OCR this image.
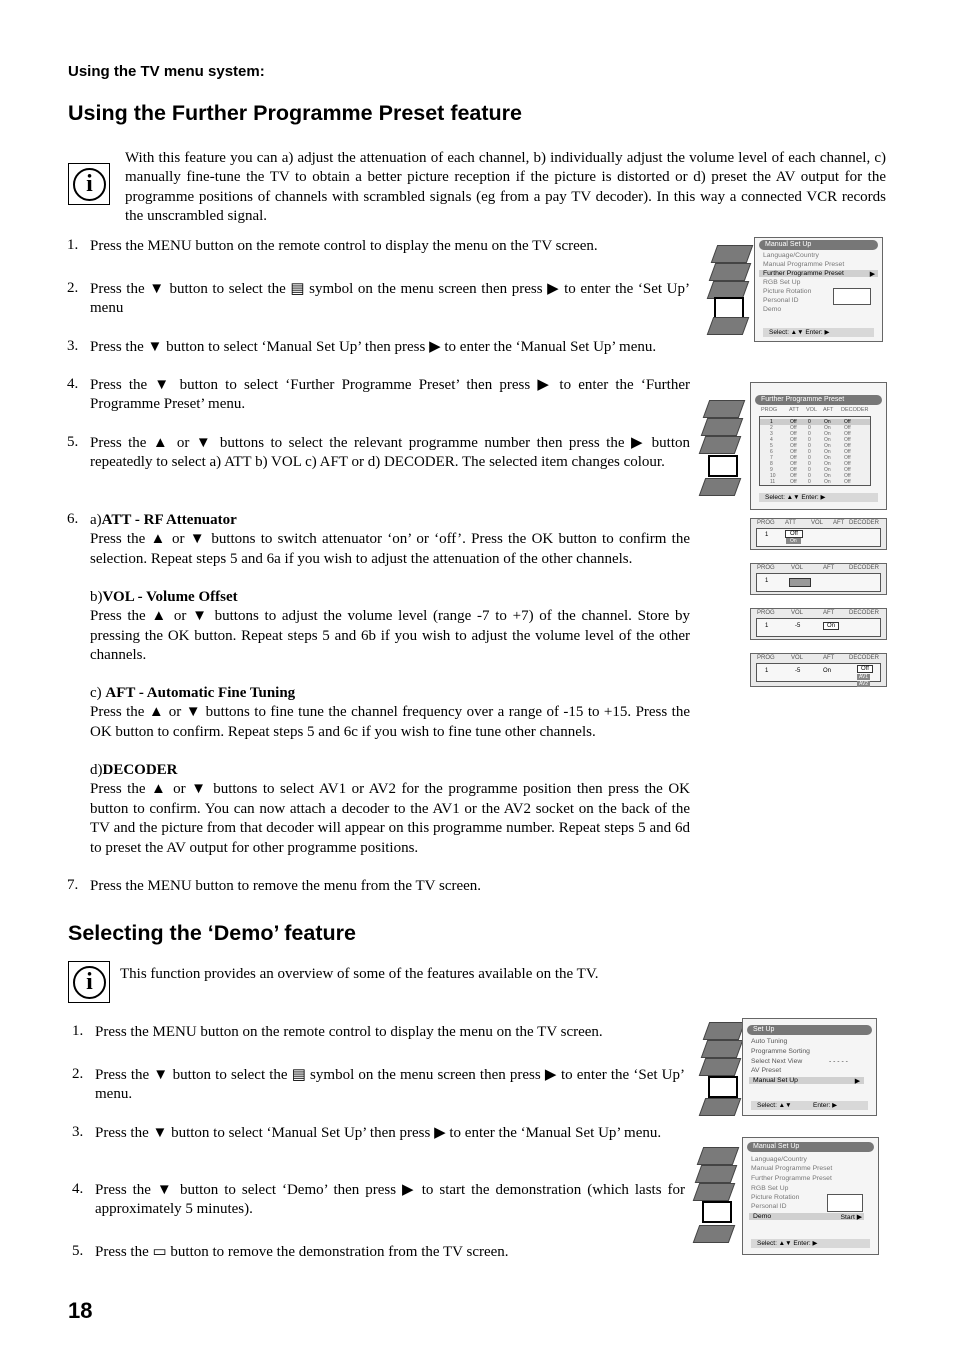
Using the TV menu system:
Using the Further Programme Preset feature
i
With this feature you can a) adjust the attenuation of each channel, b) individually adjust the volume level of each channel, c) manually fine-tune the TV to obtain a better picture reception if the picture is distorted or d) preset the AV output for the programme positions of channels with scrambled signals (eg from a pay TV decoder). In this way a connected VCR records the unscrambled signal.
1. Press the MENU button on the remote control to display the menu on the TV screen.
2. Press the ▼ button to select the ▤ symbol on the menu screen then press ▶ to enter the ‘Set Up’ menu
3. Press the ▼ button to select ‘Manual Set Up’ then press ▶ to enter the ‘Manual Set Up’ menu.
4. Press the ▼ button to select ‘Further Programme Preset’ then press ▶ to enter the ‘Further Programme Preset’ menu.
5. Press the ▲ or ▼ buttons to select the relevant programme number then press the ▶ button repeatedly to select a) ATT b) VOL c) AFT or d) DECODER. The selected item changes colour.
6. a)ATT - RF Attenuator
Press the ▲ or ▼ buttons to switch attenuator ‘on’ or ‘off’. Press the OK button to confirm the selection. Repeat steps 5 and 6a if you wish to adjust the attenuation of the other channels.
b)VOL - Volume Offset
Press the ▲ or ▼ buttons to adjust the volume level (range -7 to +7) of the channel. Store by pressing the OK button. Repeat steps 5 and 6b if you wish to adjust the volume level of the other channels.
c) AFT - Automatic Fine Tuning
Press the ▲ or ▼ buttons to fine tune the channel frequency over a range of -15 to +15. Press the OK button to confirm. Repeat steps 5 and 6c if you wish to fine tune other channels.
d)DECODER
Press the ▲ or ▼ buttons to select AV1 or AV2 for the programme position then press the OK button to confirm. You can now attach a decoder to the AV1 or the AV2 socket on the back of the TV and the picture from that decoder will appear on this programme number. Repeat steps 5 and 6d to preset the AV output for other programme positions.
7. Press the MENU button to remove the menu from the TV screen.
Selecting the ‘Demo’ feature
i	This function provides an overview of some of the features available on the TV.
1. Press the MENU button on the remote control to display the menu on the TV screen.
2. Press the ▼ button to select the ▤ symbol on the menu screen then press ▶ to enter the ‘Set Up’ menu.
3. Press the ▼ button to select ‘Manual Set Up’ then press ▶ to enter the ‘Manual Set Up’ menu.
4. Press the ▼ button to select ‘Demo’ then press ▶ to start the demonstration (which lasts for approximately 5 minutes).
5. Press the ▭ button to remove the demonstration from the TV screen.
18
Manual Set Up
Language/Country
Manual Programme Preset
Further Programme Preset	▶
RGB Set Up
Picture Rotation
Personal ID
Demo
Select: ▲▼ Enter: ▶
Further Programme Preset
PROG ATT VOL AFT DECODER
1	Off 0	On	Off
2	Off 0	On	Off
3	Off 0	On	Off
4	Off 0	On	Off
5	Off 0	On	Off
6	Off 0	On	Off
7	Off 0	On	Off
8	Off 0	On	Off
9	Off 0	On	Off
10	Off 0	On	Off
11	Off 0	On	Off
Select: ▲▼ Enter: ▶
PROG ATT	VOL AFT DECODER
1	Off
On
PROG	VOL	AFT DECODER
1
PROG	VOL	AFT DECODER
1	-5	On
PROG	VOL	AFT DECODER
1	-5	On	Off
AV1
AV2
Set Up
Auto Tuning
Programme Sorting
Select Next View	- - - - -
AV Preset
Manual Set Up	▶
Select: ▲▼	Enter: ▶
Manual Set Up
Language/Country
Manual Programme Preset
Further Programme Preset
RGB Set Up
Picture Rotation
Personal ID
Demo	Start ▶
Select: ▲▼ Enter: ▶
